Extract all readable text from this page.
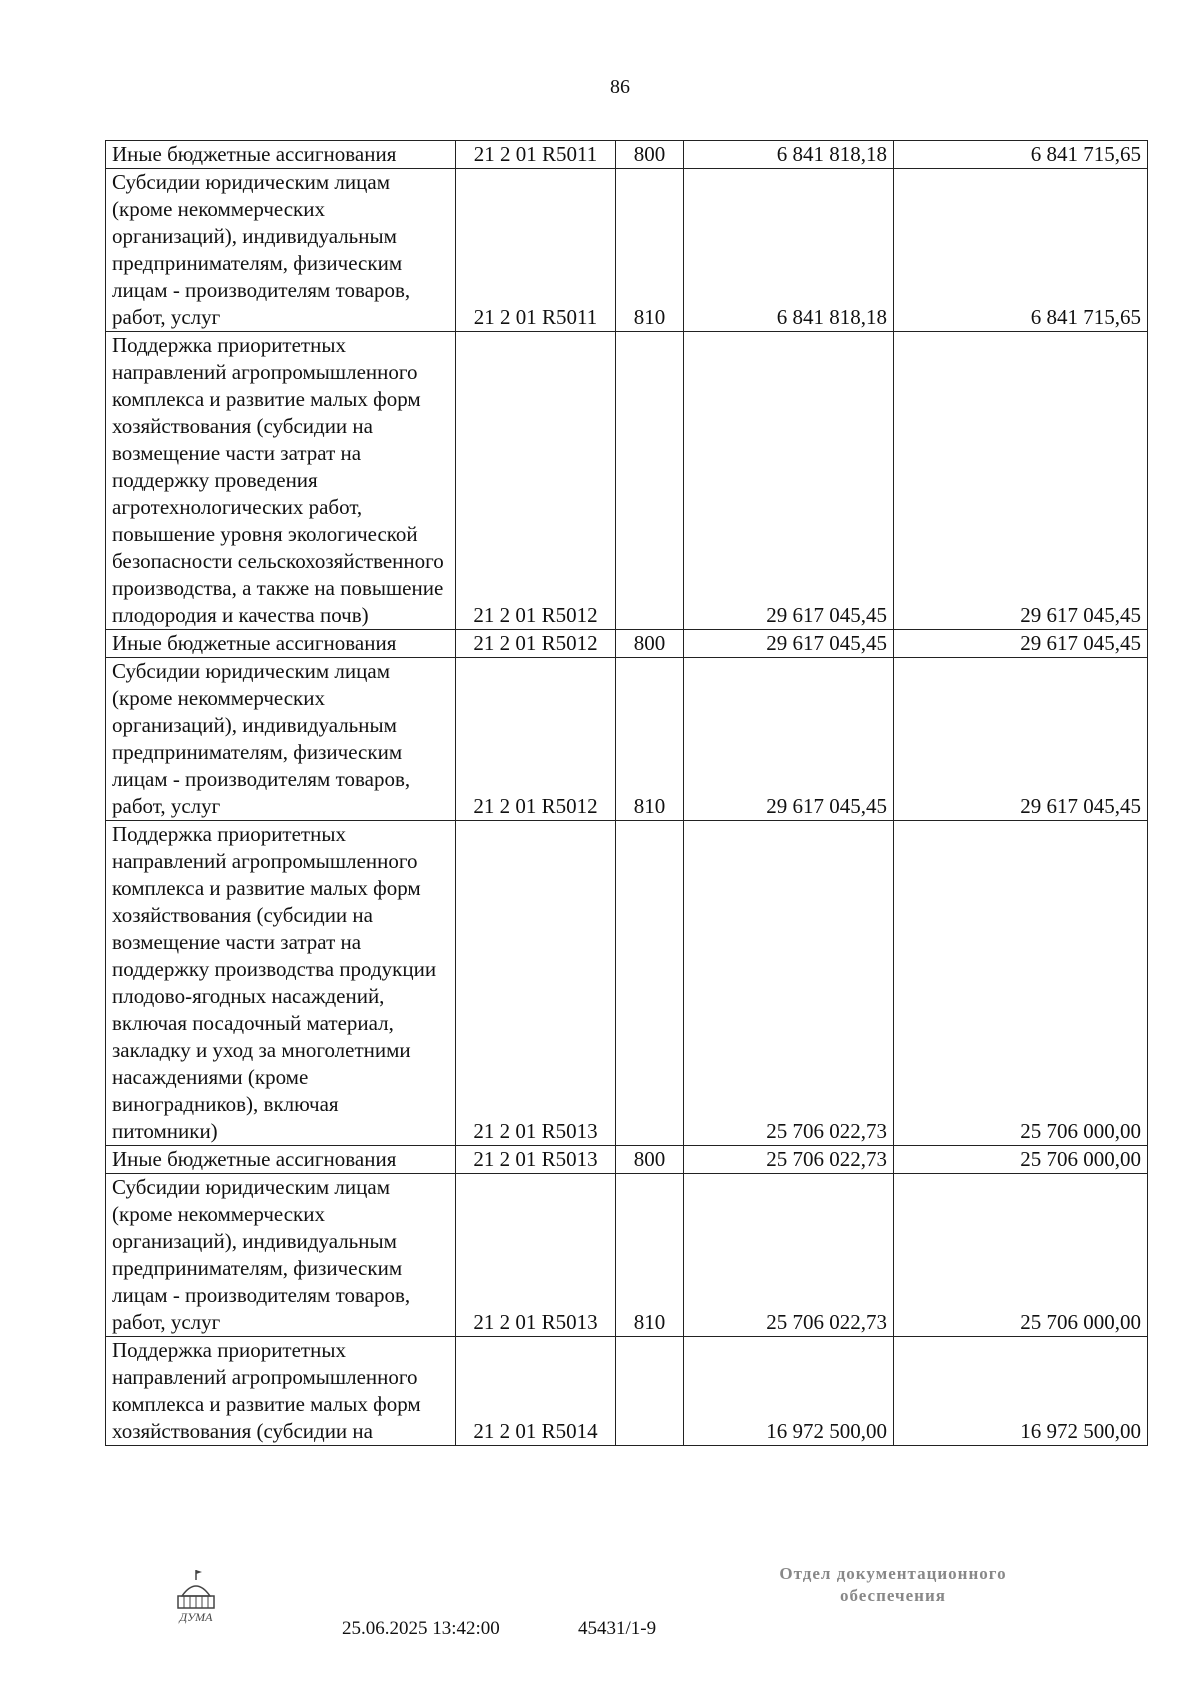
86
Иные бюджетные ассигнования	21 2 01 R5011	800	6 841 818,18	6 841 715,65
Субсидии юридическим лицам (кроме некоммерческих организаций), индивидуальным предпринимателям, физическим лицам - производителям товаров, работ, услуг	21 2 01 R5011	810	6 841 818,18	6 841 715,65
Поддержка приоритетных направлений агропромышленного комплекса и развитие малых форм хозяйствования (субсидии на возмещение части затрат на поддержку проведения агротехнологических работ, повышение уровня экологической безопасности сельскохозяйственного производства, а также на повышение плодородия и качества почв)	21 2 01 R5012		29 617 045,45	29 617 045,45
Иные бюджетные ассигнования	21 2 01 R5012	800	29 617 045,45	29 617 045,45
Субсидии юридическим лицам (кроме некоммерческих организаций), индивидуальным предпринимателям, физическим лицам - производителям товаров, работ, услуг	21 2 01 R5012	810	29 617 045,45	29 617 045,45
Поддержка приоритетных направлений агропромышленного комплекса и развитие малых форм хозяйствования (субсидии на возмещение части затрат на поддержку производства продукции плодово-ягодных насаждений, включая посадочный материал, закладку и уход за многолетними насаждениями (кроме виноградников), включая питомники)	21 2 01 R5013		25 706 022,73	25 706 000,00
Иные бюджетные ассигнования	21 2 01 R5013	800	25 706 022,73	25 706 000,00
Субсидии юридическим лицам (кроме некоммерческих организаций), индивидуальным предпринимателям, физическим лицам - производителям товаров, работ, услуг	21 2 01 R5013	810	25 706 022,73	25 706 000,00
Поддержка приоритетных направлений агропромышленного комплекса и развитие малых форм хозяйствования (субсидии на	21 2 01 R5014		16 972 500,00	16 972 500,00
ДУМА
25.06.2025 13:42:00	45431/1-9
Отдел документационного
обеспечения
